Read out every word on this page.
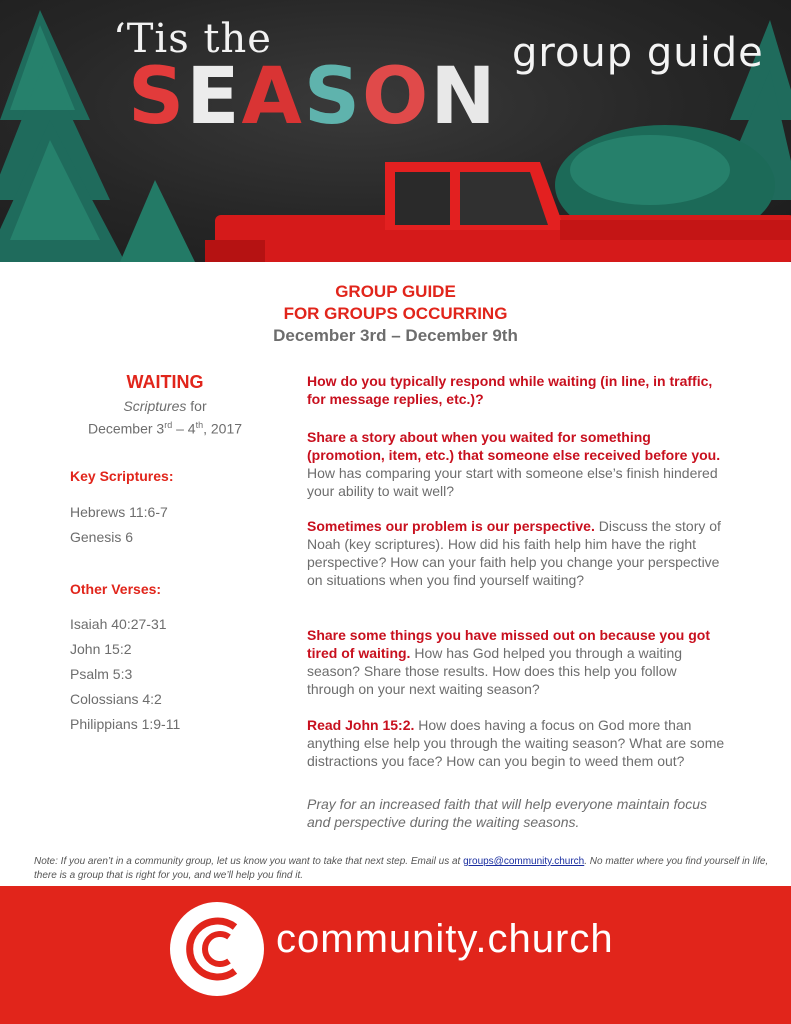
‘Tis the
SEASON group guide
GROUP GUIDE
FOR GROUPS OCCURRING
December 3rd – December 9th
WAITING
Scriptures for
December 3rd – 4th, 2017
Key Scriptures:
Hebrews 11:6-7
Genesis 6
Other Verses:
Isaiah 40:27-31
John 15:2
Psalm 5:3
Colossians 4:2
Philippians 1:9-11
How do you typically respond while waiting (in line, in traffic, for message replies, etc.)?
Share a story about when you waited for something (promotion, item, etc.) that someone else received before you. How has comparing your start with someone else’s finish hindered your ability to wait well?
Sometimes our problem is our perspective. Discuss the story of Noah (key scriptures). How did his faith help him have the right perspective? How can your faith help you change your perspective on situations when you find yourself waiting?
Share some things you have missed out on because you got tired of waiting. How has God helped you through a waiting season? Share those results. How does this help you follow through on your next waiting season?
Read John 15:2. How does having a focus on God more than anything else help you through the waiting season? What are some distractions you face? How can you begin to weed them out?
Pray for an increased faith that will help everyone maintain focus and perspective during the waiting seasons.
Note: If you aren’t in a community group, let us know you want to take that next step. Email us at groups@community.church. No matter where you find yourself in life, there is a group that is right for you, and we’ll help you find it.
community.church
